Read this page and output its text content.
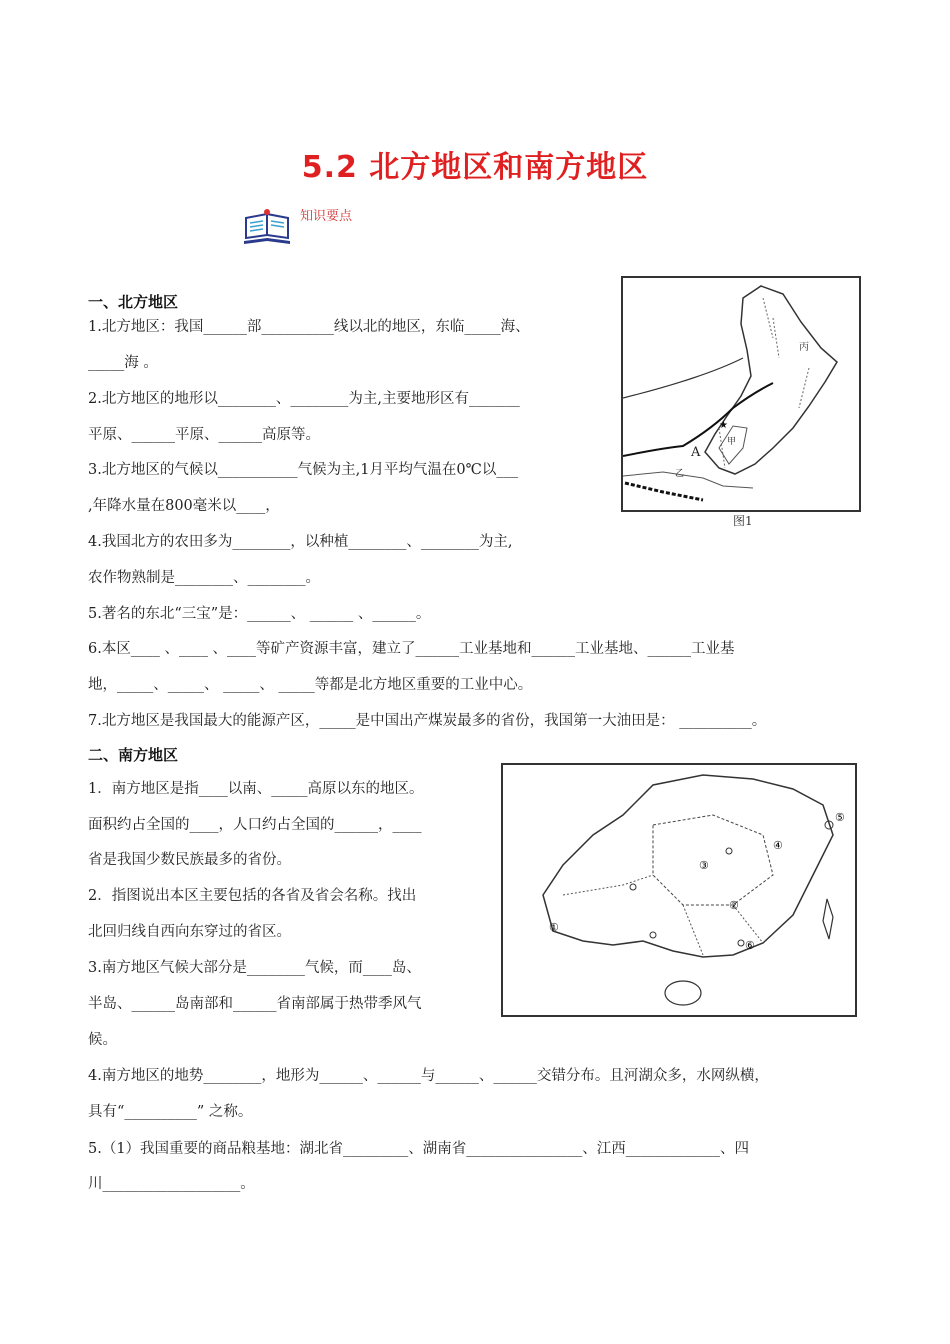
5.2 北方地区和南方地区
知识要点
丙
A
甲
乙
★
图1
①
②
③
④
⑤
⑥
一、北方地区
1.北方地区：我国______部__________线以北的地区，东临_____海、
_____海 。
2.北方地区的地形以________、________为主,主要地形区有_______
平原、______平原、______高原等。
3.北方地区的气候以___________气候为主,1月平均气温在0℃以___
,年降水量在800毫米以____，
4.我国北方的农田多为________，以种植________、________为主,
农作物熟制是________、________。
5.著名的东北“三宝”是：______、 ______ 、______。
6.本区____ 、____ 、____等矿产资源丰富，建立了______工业基地和______工业基地、______工业基
地，_____、_____、 _____、 _____等都是北方地区重要的工业中心。
7.北方地区是我国最大的能源产区，_____是中国出产煤炭最多的省份，我国第一大油田是： __________。
二、南方地区
1．南方地区是指____以南、_____高原以东的地区。
面积约占全国的____，人口约占全国的______，____
省是我国少数民族最多的省份。
2．指图说出本区主要包括的各省及省会名称。找出
北回归线自西向东穿过的省区。
3.南方地区气候大部分是________气候，而____岛、
半岛、______岛南部和______省南部属于热带季风气
候。
4.南方地区的地势________，地形为______、______与______、______交错分布。且河湖众多，水网纵横，
具有“__________” 之称。
5.（1）我国重要的商品粮基地：湖北省_________、湖南省________________、江西_____________、四
川___________________。
